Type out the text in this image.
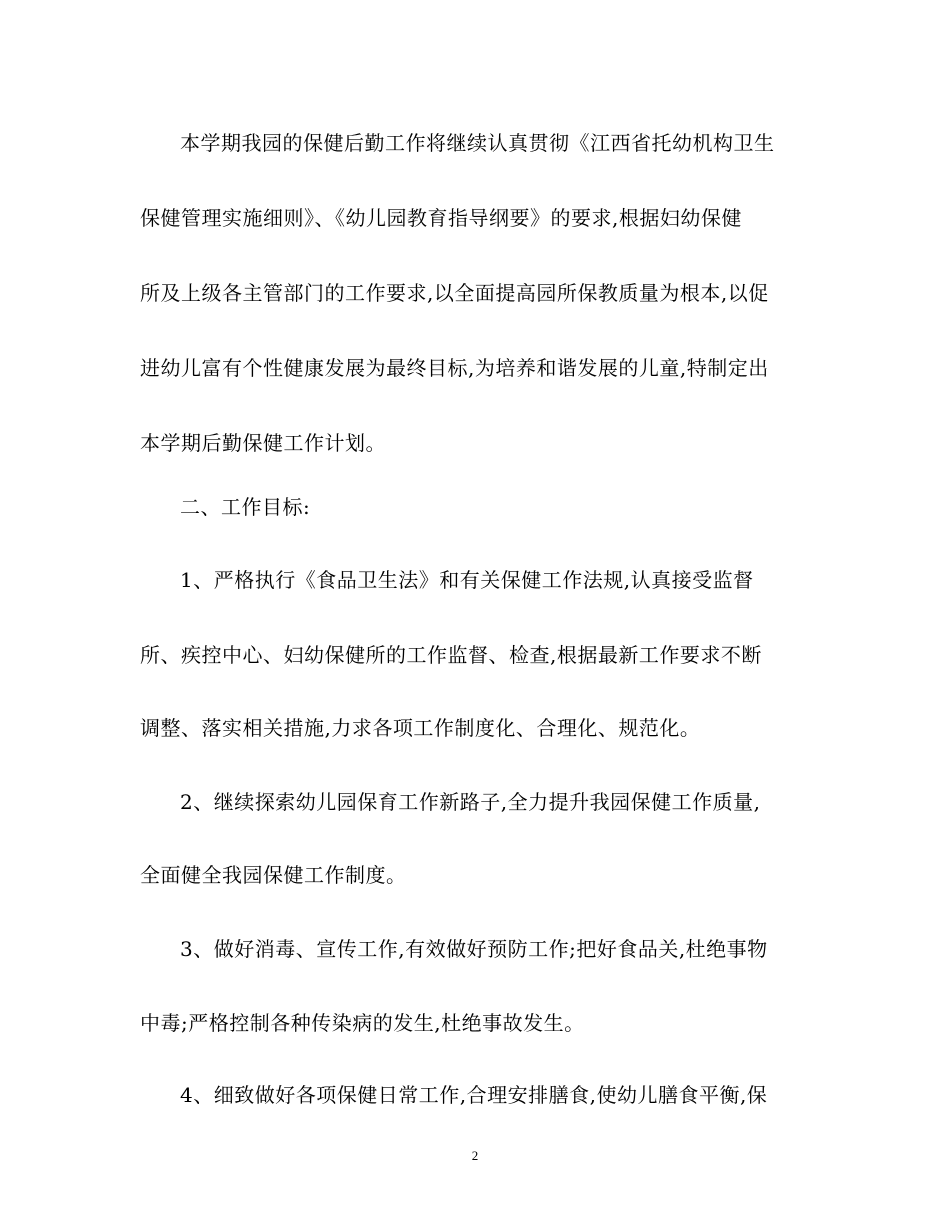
本学期我园的保健后勤工作将继续认真贯彻《江西省托幼机构卫生
保健管理实施细则》、《幼儿园教育指导纲要》的要求,根据妇幼保健
所及上级各主管部门的工作要求,以全面提高园所保教质量为根本,以促
进幼儿富有个性健康发展为最终目标,为培养和谐发展的儿童,特制定出
本学期后勤保健工作计划。
二、工作目标:
1、严格执行《食品卫生法》和有关保健工作法规,认真接受监督
所、疾控中心、妇幼保健所的工作监督、检查,根据最新工作要求不断
调整、落实相关措施,力求各项工作制度化、合理化、规范化。
2、继续探索幼儿园保育工作新路子,全力提升我园保健工作质量,
全面健全我园保健工作制度。
3、做好消毒、宣传工作,有效做好预防工作;把好食品关,杜绝事物
中毒;严格控制各种传染病的发生,杜绝事故发生。
4、细致做好各项保健日常工作,合理安排膳食,使幼儿膳食平衡,保
2
